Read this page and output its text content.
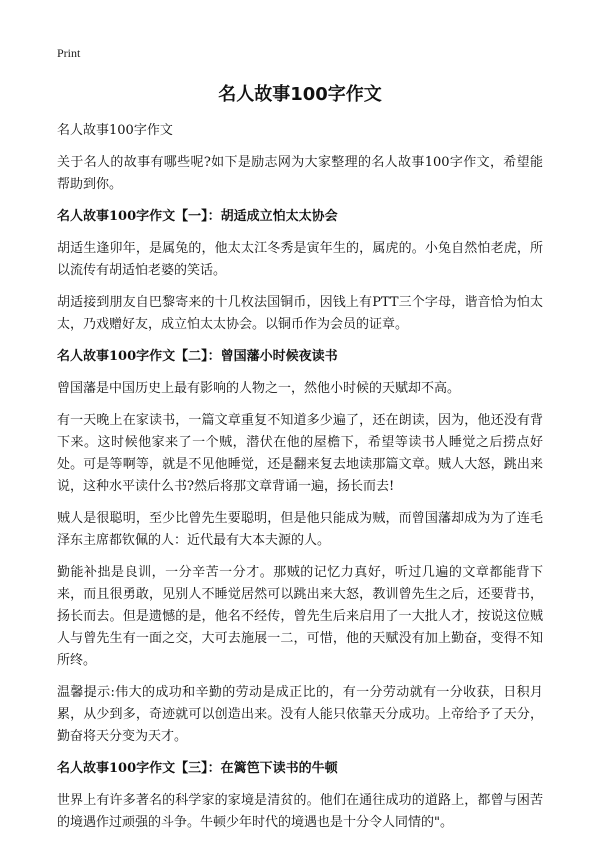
Print
名人故事100字作文

名人故事100字作文

关于名人的故事有哪些呢?如下是励志网为大家整理的名人故事100字作文，希望能帮助到你。

名人故事100字作文【一】：胡适成立怕太太协会

胡适生逢卯年，是属兔的，他太太江冬秀是寅年生的，属虎的。小兔自然怕老虎，所以流传有胡适怕老婆的笑话。

胡适接到朋友自巴黎寄来的十几枚法国铜币，因钱上有PTT三个字母，谐音恰为怕太太，乃戏赠好友，成立怕太太协会。以铜币作为会员的证章。

名人故事100字作文【二】：曾国藩小时候夜读书

曾国藩是中国历史上最有影响的人物之一，然他小时候的天赋却不高。

有一天晚上在家读书，一篇文章重复不知道多少遍了，还在朗读，因为，他还没有背下来。这时候他家来了一个贼，潜伏在他的屋檐下，希望等读书人睡觉之后捞点好处。可是等啊等，就是不见他睡觉，还是翻来复去地读那篇文章。贼人大怒，跳出来说，这种水平读什么书?然后将那文章背诵一遍，扬长而去!

贼人是很聪明，至少比曾先生要聪明，但是他只能成为贼，而曾国藩却成为为了连毛泽东主席都钦佩的人：近代最有大本夫源的人。

勤能补拙是良训，一分辛苦一分才。那贼的记忆力真好，听过几遍的文章都能背下来，而且很勇敢，见别人不睡觉居然可以跳出来大怒，教训曾先生之后，还要背书，扬长而去。但是遗憾的是，他名不经传，曾先生后来启用了一大批人才，按说这位贼人与曾先生有一面之交，大可去施展一二，可惜，他的天赋没有加上勤奋，变得不知所终。

温馨提示:伟大的成功和辛勤的劳动是成正比的，有一分劳动就有一分收获，日积月累，从少到多，奇迹就可以创造出来。没有人能只依靠天分成功。上帝给予了天分，勤奋将天分变为天才。

名人故事100字作文【三】：在篱笆下读书的牛顿

世界上有许多著名的科学家的家境是清贫的。他们在通往成功的道路上，都曾与困苦的境遇作过顽强的斗争。牛顿少年时代的境遇也是十分令人同情的"。
